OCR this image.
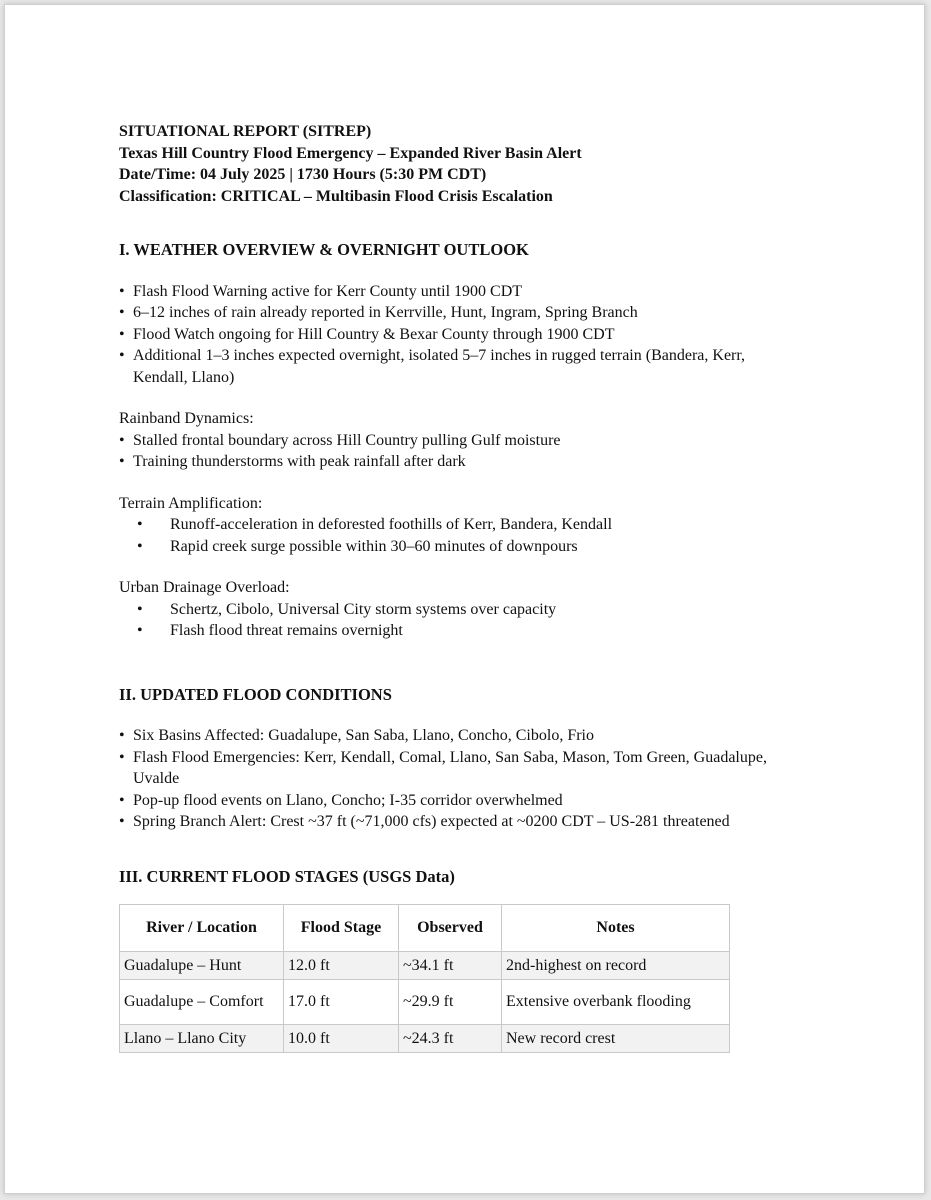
SITUATIONAL REPORT (SITREP)
Texas Hill Country Flood Emergency – Expanded River Basin Alert
Date/Time: 04 July 2025 | 1730 Hours (5:30 PM CDT)
Classification: CRITICAL – Multibasin Flood Crisis Escalation
I. WEATHER OVERVIEW & OVERNIGHT OUTLOOK
• Flash Flood Warning active for Kerr County until 1900 CDT
• 6–12 inches of rain already reported in Kerrville, Hunt, Ingram, Spring Branch
• Flood Watch ongoing for Hill Country & Bexar County through 1900 CDT
• Additional 1–3 inches expected overnight, isolated 5–7 inches in rugged terrain (Bandera, Kerr, Kendall, Llano)

Rainband Dynamics:

• Stalled frontal boundary across Hill Country pulling Gulf moisture
• Training thunderstorms with peak rainfall after dark

Terrain Amplification:

• Runoff-acceleration in deforested foothills of Kerr, Bandera, Kendall
• Rapid creek surge possible within 30–60 minutes of downpours

Urban Drainage Overload:

• Schertz, Cibolo, Universal City storm systems over capacity
• Flash flood threat remains overnight
II. UPDATED FLOOD CONDITIONS
• Six Basins Affected: Guadalupe, San Saba, Llano, Concho, Cibolo, Frio
• Flash Flood Emergencies: Kerr, Kendall, Comal, Llano, San Saba, Mason, Tom Green, Guadalupe, Uvalde
• Pop-up flood events on Llano, Concho; I-35 corridor overwhelmed
• Spring Branch Alert: Crest ~37 ft (~71,000 cfs) expected at ~0200 CDT – US-281 threatened
III. CURRENT FLOOD STAGES (USGS Data)
River / Location	Flood Stage	Observed	Notes
Guadalupe – Hunt	12.0 ft	~34.1 ft	2nd-highest on record
Guadalupe – Comfort	17.0 ft	~29.9 ft	Extensive overbank flooding
Llano – Llano City	10.0 ft	~24.3 ft	New record crest
